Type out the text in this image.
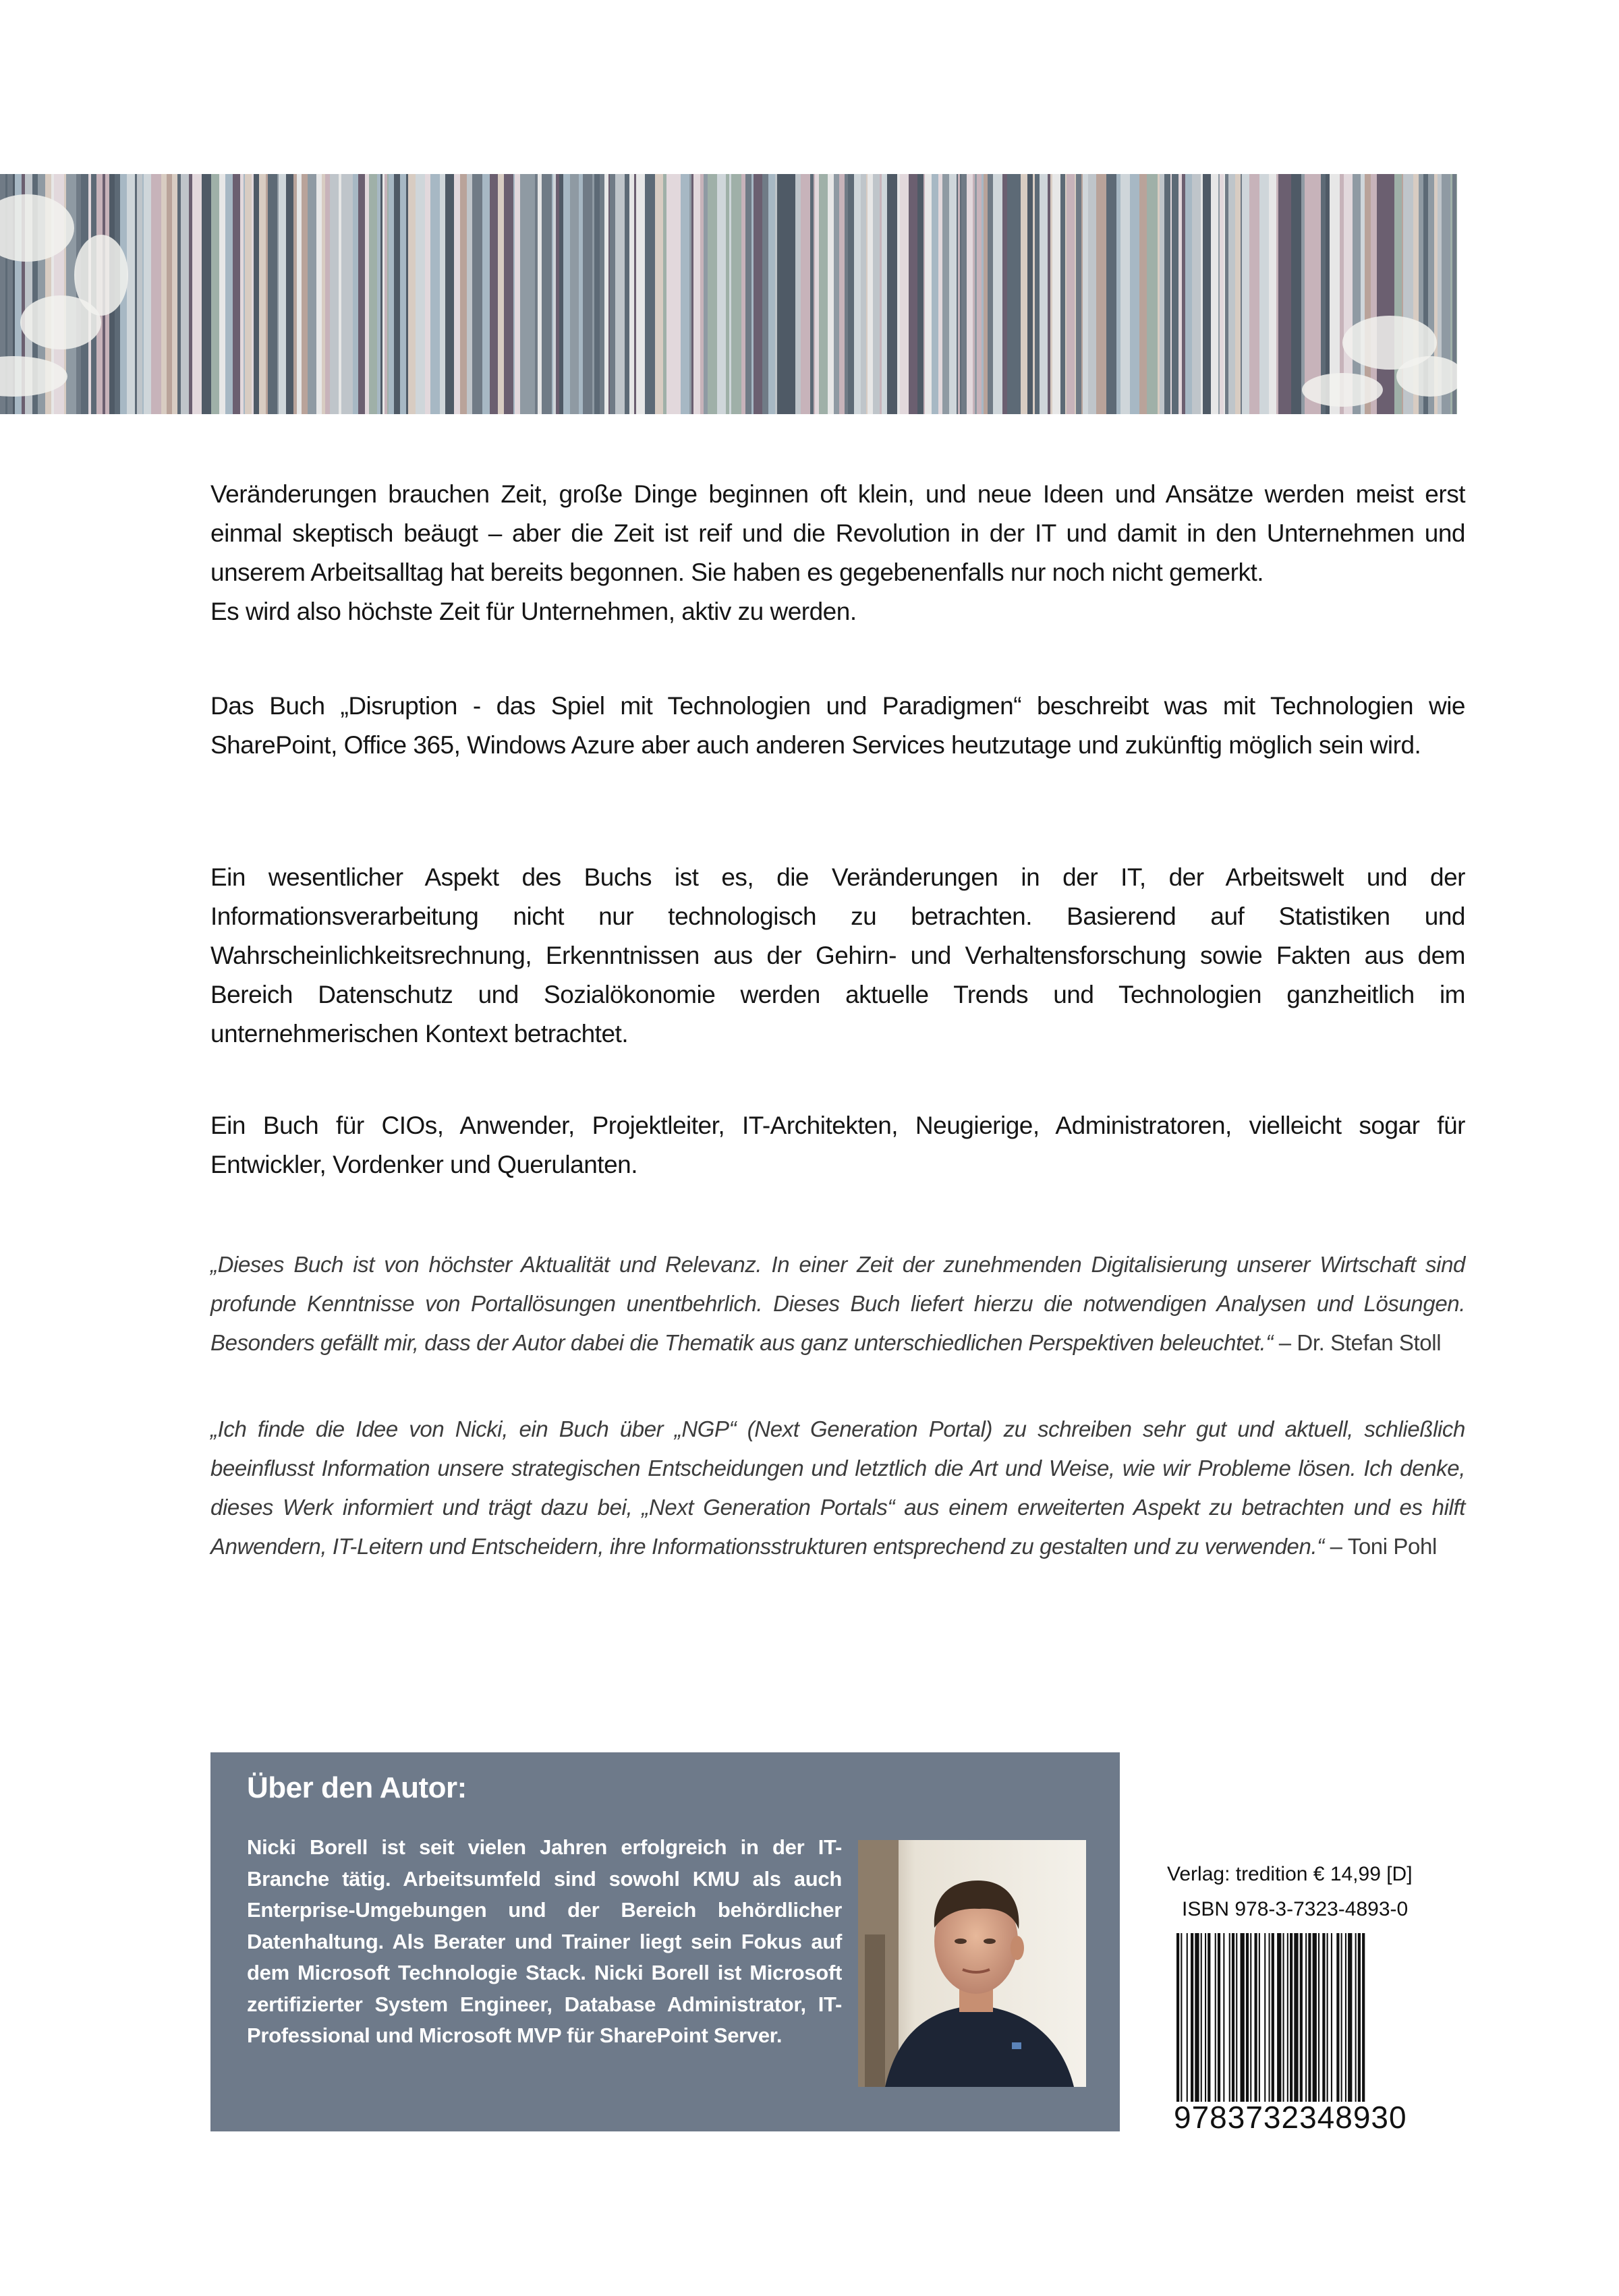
Veränderungen brauchen Zeit, große Dinge beginnen oft klein, und neue Ideen und Ansätze werden meist erst einmal skeptisch beäugt – aber die Zeit ist reif und die Revolution in der IT und damit in den Unternehmen und unserem Arbeitsalltag hat bereits begonnen. Sie haben es gegebenenfalls nur noch nicht gemerkt.

Es wird also höchste Zeit für Unternehmen, aktiv zu werden.

Das Buch „Disruption - das Spiel mit Technologien und Paradigmen“ beschreibt was mit Technologien wie SharePoint, Office 365, Windows Azure aber auch anderen Services heutzutage und zukünftig möglich sein wird.

Ein wesentlicher Aspekt des Buchs ist es, die Veränderungen in der IT, der Arbeitswelt und der Informationsverarbeitung nicht nur technologisch zu betrachten. Basierend auf Statistiken und Wahrscheinlichkeitsrechnung, Erkenntnissen aus der Gehirn- und Verhaltensforschung sowie Fakten aus dem Bereich Datenschutz und Sozialökonomie werden aktuelle Trends und Technologien ganzheitlich im unternehmerischen Kontext betrachtet.

Ein Buch für CIOs, Anwender, Projektleiter, IT-Architekten, Neugierige, Administratoren, vielleicht sogar für Entwickler, Vordenker und Querulanten.

„Dieses Buch ist von höchster Aktualität und Relevanz. In einer Zeit der zunehmenden Digitalisierung unserer Wirtschaft sind profunde Kenntnisse von Portallösungen unentbehrlich. Dieses Buch liefert hierzu die notwendigen Analysen und Lösungen. Besonders gefällt mir, dass der Autor dabei die Thematik aus ganz unterschiedlichen Perspektiven beleuchtet.“ – Dr. Stefan Stoll
„Ich finde die Idee von Nicki, ein Buch über „NGP“ (Next Generation Portal) zu schreiben sehr gut und aktuell, schließlich beeinflusst Information unsere strategischen Entscheidungen und letztlich die Art und Weise, wie wir Probleme lösen. Ich denke, dieses Werk informiert und trägt dazu bei, „Next Generation Portals“ aus einem erweiterten Aspekt zu betrachten und es hilft Anwendern, IT-Leitern und Entscheidern, ihre Informationsstrukturen entsprechend zu gestalten und zu verwenden.“ – Toni Pohl
Über den Autor:
Nicki Borell ist seit vielen Jahren erfolgreich in der IT-Branche tätig. Arbeitsumfeld sind sowohl KMU als auch Enterprise-Umgebungen und der Bereich behördlicher Datenhaltung. Als Berater und Trainer liegt sein Fokus auf dem Microsoft Technologie Stack. Nicki Borell ist Microsoft zertifizierter System Engineer, Database Administrator, IT-Professional und Microsoft MVP für SharePoint Server.
Verlag: tredition € 14,99 [D]
ISBN 978-3-7323-4893-0
9783732348930
